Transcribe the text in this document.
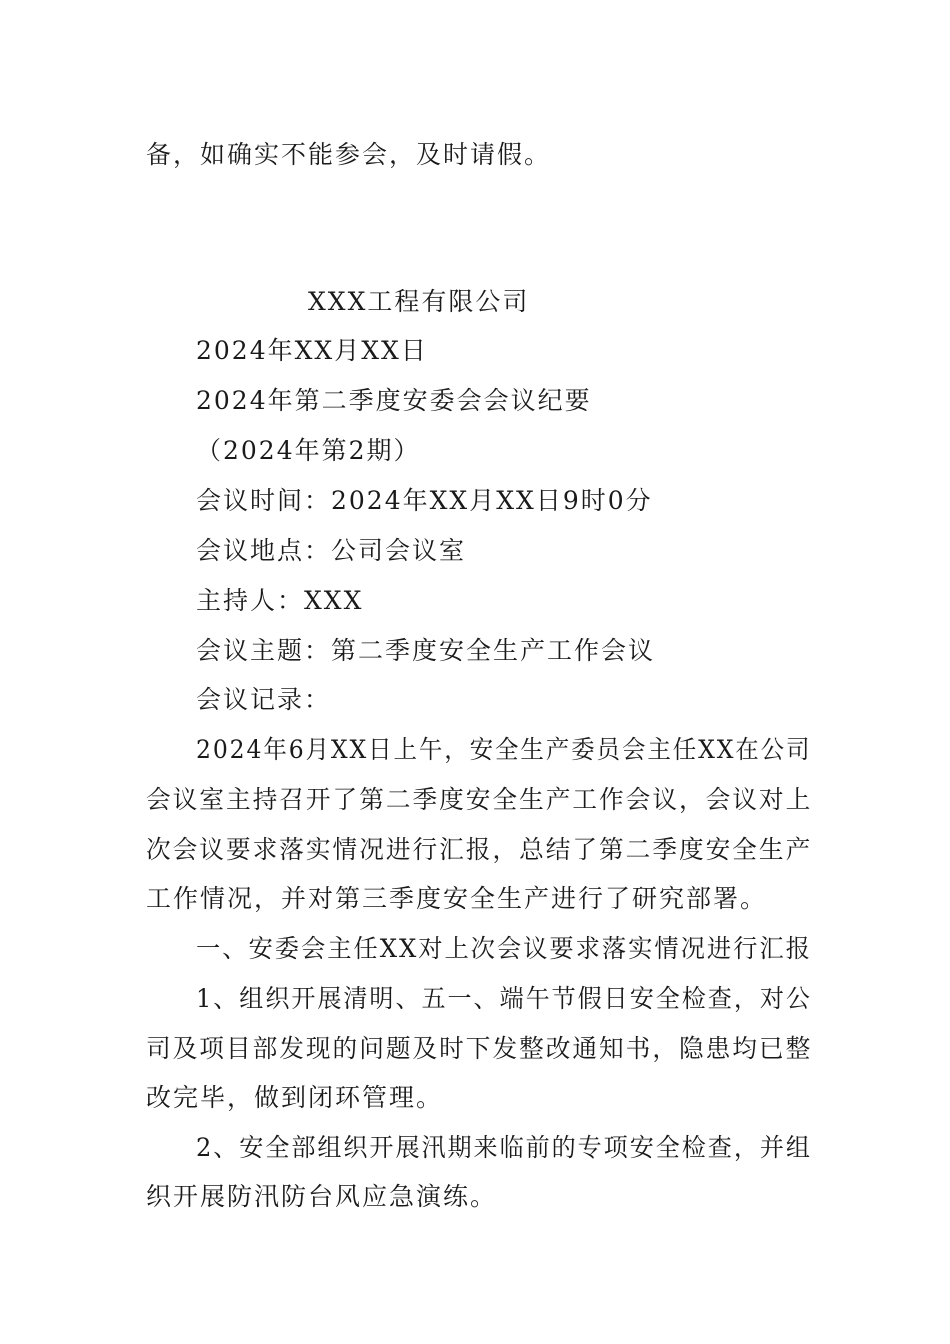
备，如确实不能参会，及时请假。
XXX工程有限公司
2024年XX月XX日
2024年第二季度安委会会议纪要
（2024年第2期）
会议时间：2024年XX月XX日9时0分
会议地点：公司会议室
主持人：XXX
会议主题：第二季度安全生产工作会议
会议记录：
2024年6月XX日上午，安全生产委员会主任XX在公司
会议室主持召开了第二季度安全生产工作会议，会议对上
次会议要求落实情况进行汇报，总结了第二季度安全生产
工作情况，并对第三季度安全生产进行了研究部署。
一、安委会主任XX对上次会议要求落实情况进行汇报
1、组织开展清明、五一、端午节假日安全检查，对公
司及项目部发现的问题及时下发整改通知书，隐患均已整
改完毕，做到闭环管理。
2、安全部组织开展汛期来临前的专项安全检查，并组
织开展防汛防台风应急演练。
